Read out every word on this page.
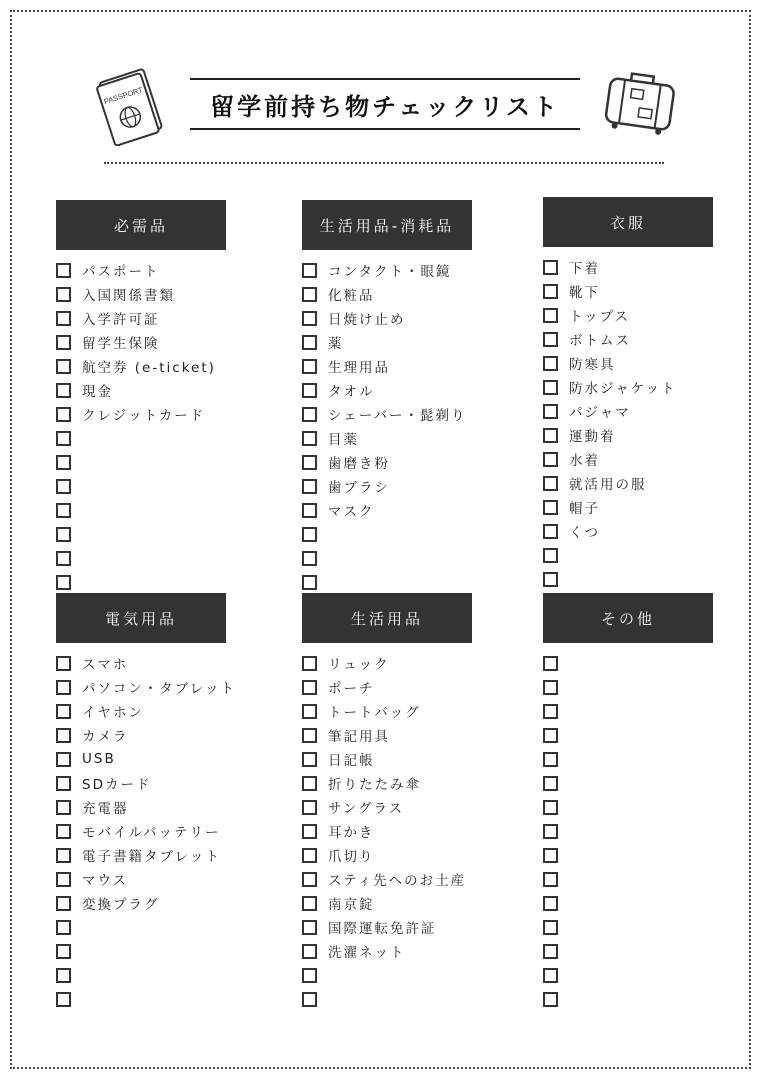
PASSPORT	留学前持ち物チェックリスト
必需品
パスポート
入国関係書類
入学許可証
留学生保険
航空券 (e-ticket)
現金
クレジットカード
生活用品-消耗品
コンタクト・眼鏡
化粧品
日焼け止め
薬
生理用品
タオル
シェーバー・髭剃り
目薬
歯磨き粉
歯ブラシ
マスク
衣服
下着
靴下
トップス
ボトムス
防寒具
防水ジャケット
パジャマ
運動着
水着
就活用の服
帽子
くつ
電気用品
スマホ
パソコン・タブレット
イヤホン
カメラ
USB
SDカード
充電器
モバイルバッテリー
電子書籍タブレット
マウス
変換プラグ
生活用品
リュック
ポーチ
トートバッグ
筆記用具
日記帳
折りたたみ傘
サングラス
耳かき
爪切り
スティ先へのお土産
南京錠
国際運転免許証
洗濯ネット
その他
